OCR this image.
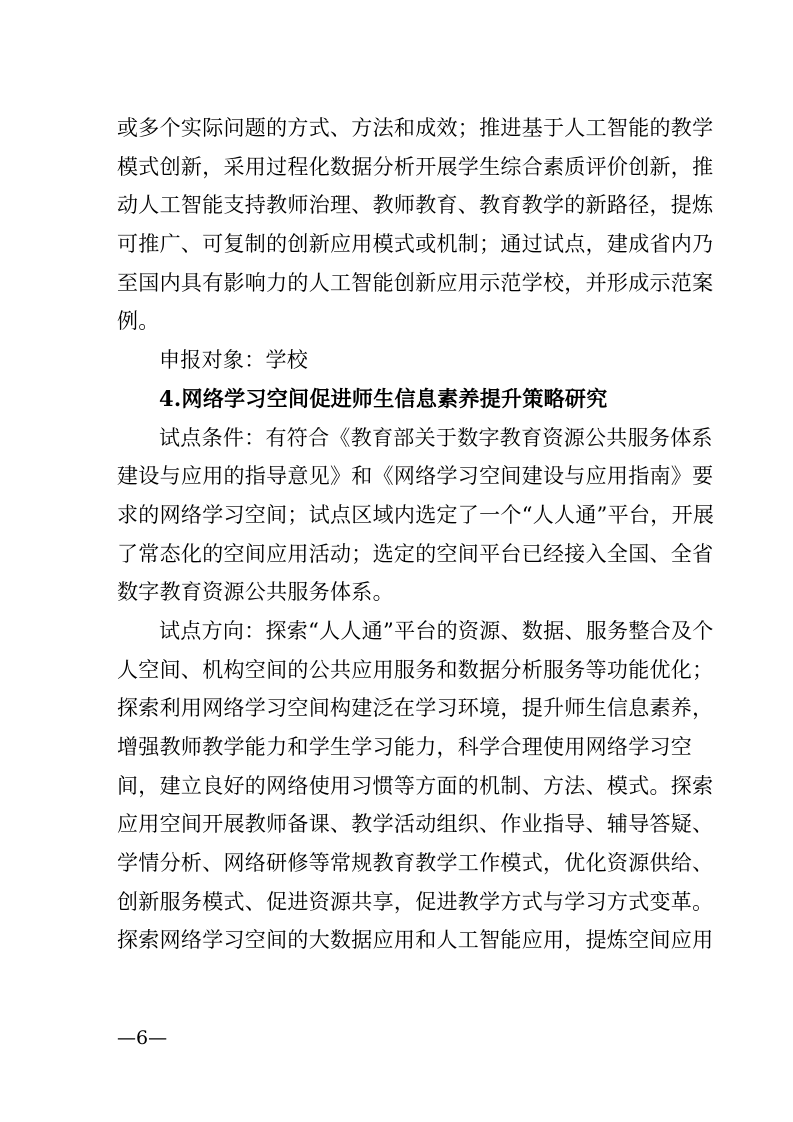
或多个实际问题的方式、方法和成效；推进基于人工智能的教学
模式创新，采用过程化数据分析开展学生综合素质评价创新，推
动人工智能支持教师治理、教师教育、教育教学的新路径，提炼
可推广、可复制的创新应用模式或机制；通过试点，建成省内乃
至国内具有影响力的人工智能创新应用示范学校，并形成示范案
例。
申报对象：学校
4.网络学习空间促进师生信息素养提升策略研究
试点条件：有符合《教育部关于数字教育资源公共服务体系
建设与应用的指导意见》和《网络学习空间建设与应用指南》要
求的网络学习空间；试点区域内选定了一个“人人通”平台，开展
了常态化的空间应用活动；选定的空间平台已经接入全国、全省
数字教育资源公共服务体系。
试点方向：探索“人人通”平台的资源、数据、服务整合及个
人空间、机构空间的公共应用服务和数据分析服务等功能优化；
探索利用网络学习空间构建泛在学习环境，提升师生信息素养，
增强教师教学能力和学生学习能力，科学合理使用网络学习空
间，建立良好的网络使用习惯等方面的机制、方法、模式。探索
应用空间开展教师备课、教学活动组织、作业指导、辅导答疑、
学情分析、网络研修等常规教育教学工作模式，优化资源供给、
创新服务模式、促进资源共享，促进教学方式与学习方式变革。
探索网络学习空间的大数据应用和人工智能应用，提炼空间应用
—6—
